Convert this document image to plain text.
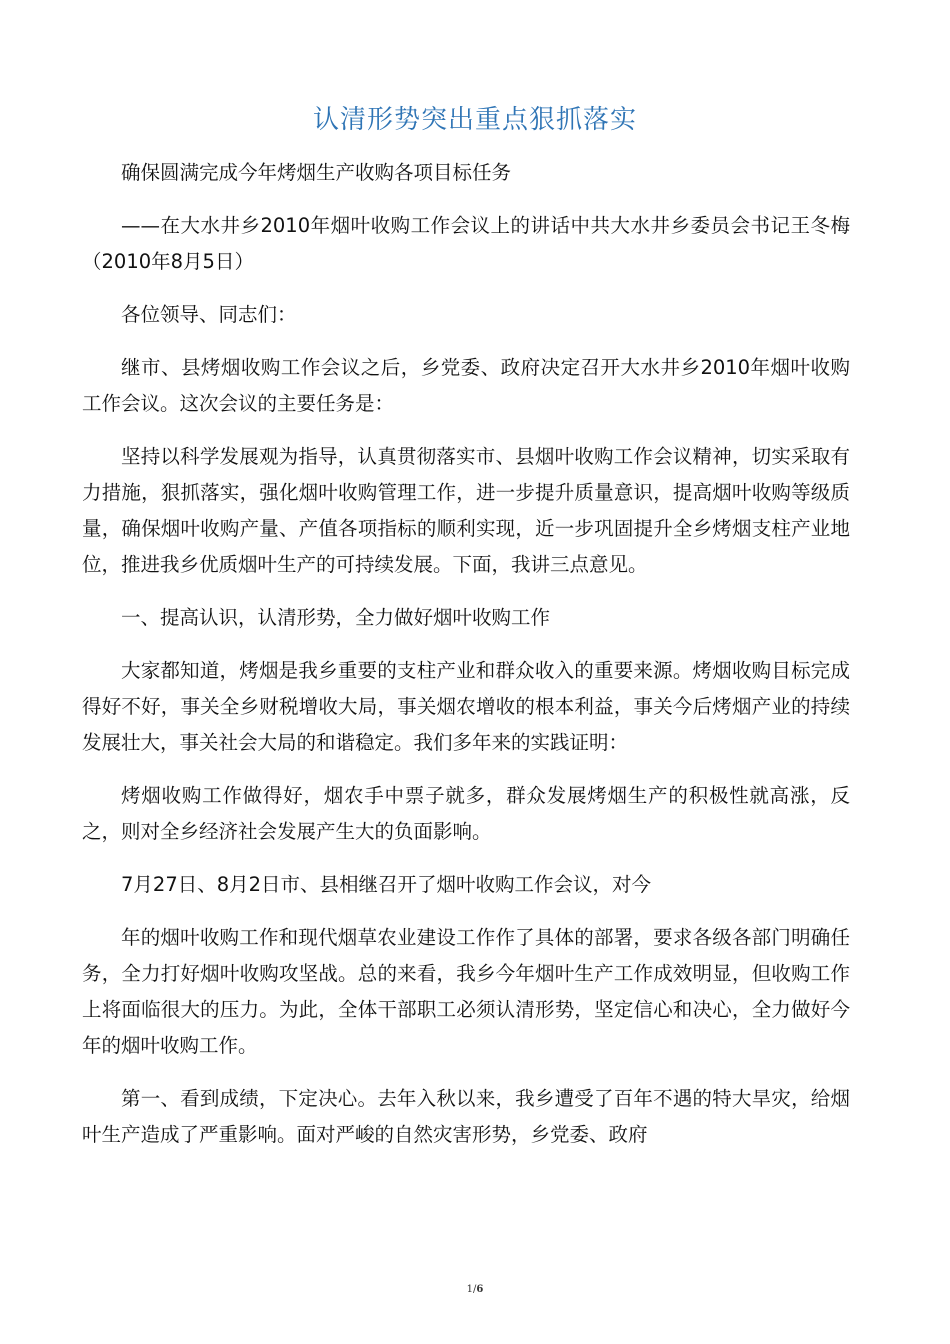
认清形势突出重点狠抓落实

确保圆满完成今年烤烟生产收购各项目标任务

——在大水井乡2010年烟叶收购工作会议上的讲话中共大水井乡委员会书记王冬梅（2010年8月5日）

各位领导、同志们：

继市、县烤烟收购工作会议之后，乡党委、政府决定召开大水井乡2010年烟叶收购工作会议。这次会议的主要任务是：

坚持以科学发展观为指导，认真贯彻落实市、县烟叶收购工作会议精神，切实采取有力措施，狠抓落实，强化烟叶收购管理工作，进一步提升质量意识，提高烟叶收购等级质量，确保烟叶收购产量、产值各项指标的顺利实现，近一步巩固提升全乡烤烟支柱产业地位，推进我乡优质烟叶生产的可持续发展。下面，我讲三点意见。

一、提高认识，认清形势，全力做好烟叶收购工作

大家都知道，烤烟是我乡重要的支柱产业和群众收入的重要来源。烤烟收购目标完成得好不好，事关全乡财税增收大局，事关烟农增收的根本利益，事关今后烤烟产业的持续发展壮大，事关社会大局的和谐稳定。我们多年来的实践证明：

烤烟收购工作做得好，烟农手中票子就多，群众发展烤烟生产的积极性就高涨，反之，则对全乡经济社会发展产生大的负面影响。

7月27日、8月2日市、县相继召开了烟叶收购工作会议，对今

年的烟叶收购工作和现代烟草农业建设工作作了具体的部署，要求各级各部门明确任务，全力打好烟叶收购攻坚战。总的来看，我乡今年烟叶生产工作成效明显，但收购工作上将面临很大的压力。为此，全体干部职工必须认清形势，坚定信心和决心，全力做好今年的烟叶收购工作。

第一、看到成绩，下定决心。去年入秋以来，我乡遭受了百年不遇的特大旱灾，给烟叶生产造成了严重影响。面对严峻的自然灾害形势，乡党委、政府

1/6
